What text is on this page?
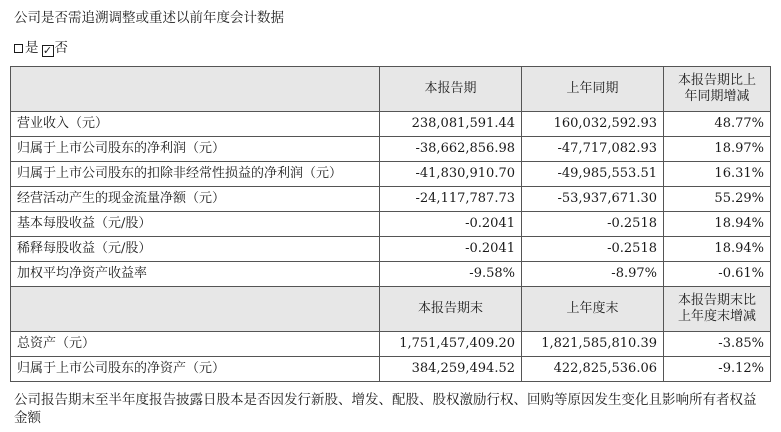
公司是否需追溯调整或重述以前年度会计数据
是 ✓ 否
	本报告期	上年同期	本报告期比上
年同期增减

营业收入（元）	238,081,591.44	160,032,592.93	48.77%
归属于上市公司股东的净利润（元）	-38,662,856.98	-47,717,082.93	18.97%
归属于上市公司股东的扣除非经常性损益的净利润（元）	-41,830,910.70	-49,985,553.51	16.31%
经营活动产生的现金流量净额（元）	-24,117,787.73	-53,937,671.30	55.29%
基本每股收益（元/股）	-0.2041	-0.2518	18.94%
稀释每股收益（元/股）	-0.2041	-0.2518	18.94%
加权平均净资产收益率	-9.58%	-8.97%	-0.61%
	本报告期末	上年度末	本报告期末比
上年度末增减

总资产（元）	1,751,457,409.20	1,821,585,810.39	-3.85%
归属于上市公司股东的净资产（元）	384,259,494.52	422,825,536.06	-9.12%
公司报告期末至半年度报告披露日股本是否因发行新股、增发、配股、股权激励行权、回购等原因发生变化且影响所有者权益金额
